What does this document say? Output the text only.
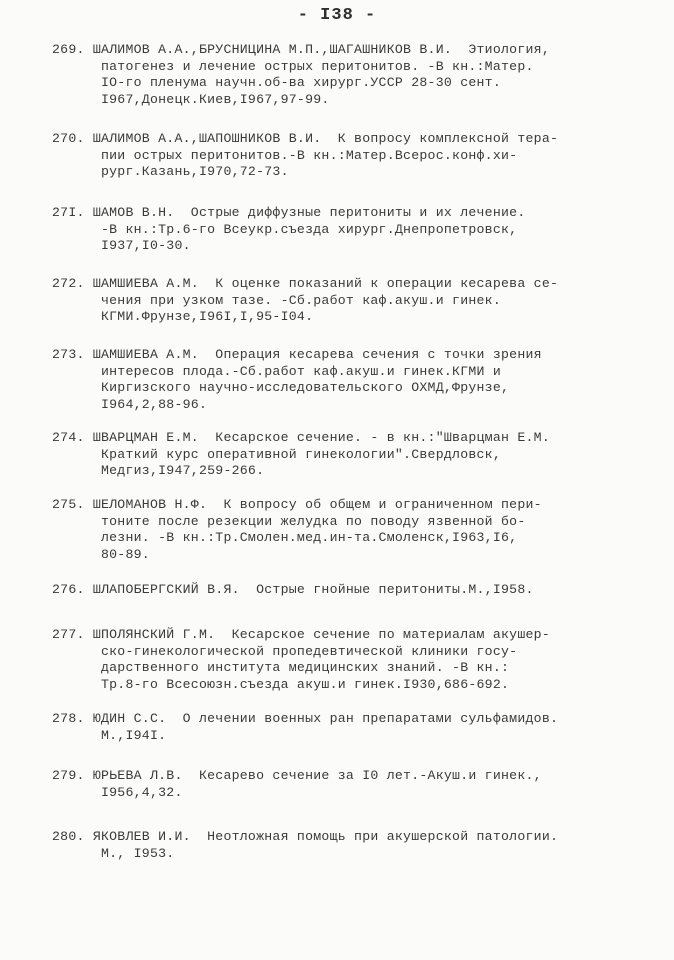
- I38 -
269. ШАЛИМОВ А.А.,БРУСНИЦИНА М.П.,ШАГАШНИКОВ В.И.  Этиология,
патогенез и лечение острых перитонитов. -В кн.:Матер.
IО-го пленума научн.об-ва хирург.УССР 28-30 сент.
I967,Донецк.Киев,I967,97-99.
270. ШАЛИМОВ А.А.,ШАПОШНИКОВ В.И.  К вопросу комплексной тера-
пии острых перитонитов.-В кн.:Матер.Всерос.конф.хи-
рург.Казань,I970,72-73.
27I. ШАМОВ В.Н.  Острые диффузные перитониты и их лечение.
-В кн.:Тр.6-го Всеукр.съезда хирург.Днепропетровск,
I937,I0-30.
272. ШАМШИЕВА А.М.  К оценке показаний к операции кесарева се-
чения при узком тазе. -Сб.работ каф.акуш.и гинек.
КГМИ.Фрунзе,I96I,I,95-I04.
273. ШАМШИЕВА А.М.  Операция кесарева сечения с точки зрения
интересов плода.-Сб.работ каф.акуш.и гинек.КГМИ и
Киргизского научно-исследовательского ОХМД,Фрунзе,
I964,2,88-96.
274. ШВАРЦМАН Е.М.  Кесарское сечение. - в кн.:"Шварцман Е.М.
Краткий курс оперативной гинекологии".Свердловск,
Медгиз,I947,259-266.
275. ШЕЛОМАНОВ Н.Ф.  К вопросу об общем и ограниченном пери-
тоните после резекции желудка по поводу язвенной бо-
лезни. -В кн.:Тр.Смолен.мед.ин-та.Смоленск,I963,I6,
80-89.
276. ШЛАПОБЕРГСКИЙ В.Я.  Острые гнойные перитониты.М.,I958.
277. ШПОЛЯНСКИЙ Г.М.  Кесарское сечение по материалам акушер-
ско-гинекологической пропедевтической клиники госу-
дарственного института медицинских знаний. -В кн.:
Тр.8-го Всесоюзн.съезда акуш.и гинек.I930,686-692.
278. ЮДИН С.С.  О лечении военных ран препаратами сульфамидов.
М.,I94I.
279. ЮРЬЕВА Л.В.  Кесарево сечение за I0 лет.-Акуш.и гинек.,
I956,4,32.
280. ЯКОВЛЕВ И.И.  Неотложная помощь при акушерской патологии.
М., I953.
